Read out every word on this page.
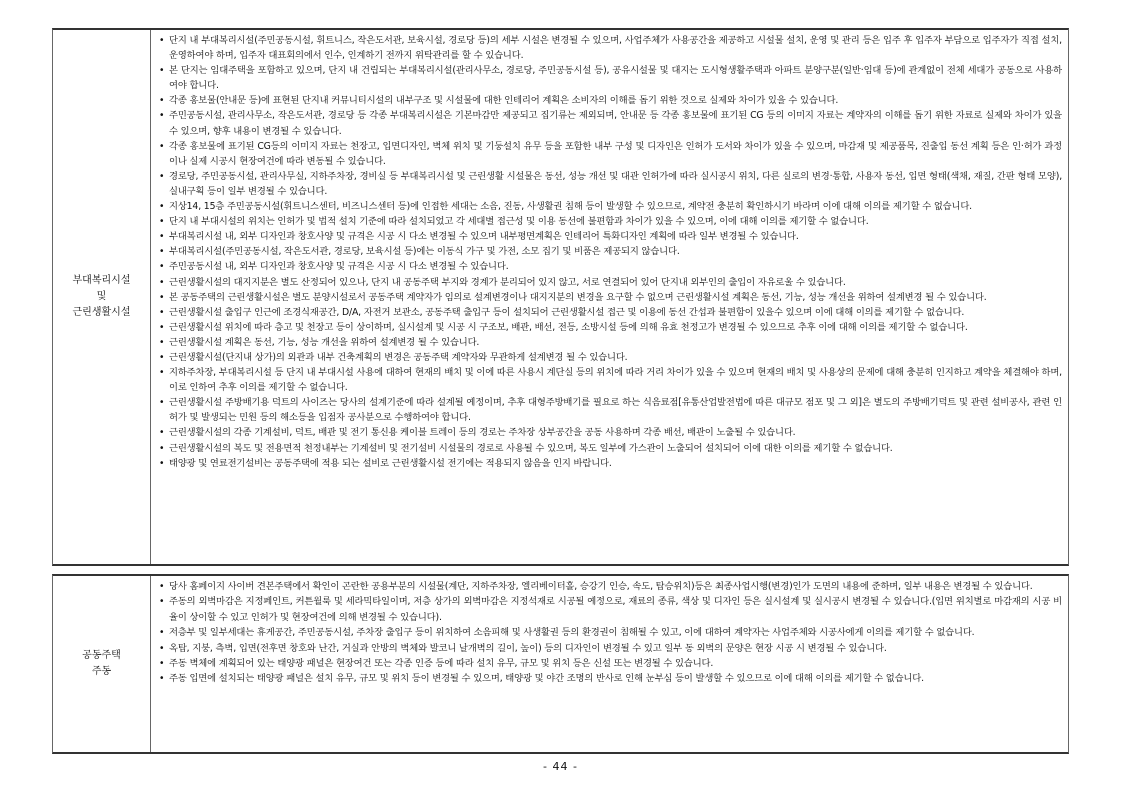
부대복리시설
및
근린생활시설
• 단지 내 부대복리시설(주민공동시설, 휘트니스, 작은도서관, 보육시설, 경로당 등)의 세부 시설은 변경될 수 있으며, 사업주체가 사용공간을 제공하고 시설물 설치, 운영 및 관리 등은 입주 후 입주자 부담으로 입주자가 직접 설치, 운영하여야 하며, 입주자 대표회의에서 인수, 인계하기 전까지 위탁관리를 할 수 있습니다.
• 본 단지는 임대주택을 포함하고 있으며, 단지 내 건립되는 부대복리시설(관리사무소, 경로당, 주민공동시설 등), 공유시설물 및 대지는 도시형생활주택과 아파트 분양구분(일반·임대 등)에 관계없이 전체 세대가 공동으로 사용하여야 합니다.
• 각종 홍보물(안내문 등)에 표현된 단지내 커뮤니티시설의 내부구조 및 시설물에 대한 인테리어 계획은 소비자의 이해를 돕기 위한 것으로 실제와 차이가 있을 수 있습니다.
• 주민공동시설, 관리사무소, 작은도서관, 경로당 등 각종 부대복리시설은 기본마감만 제공되고 집기류는 제외되며, 안내문 등 각종 홍보물에 표기된 CG 등의 이미지 자료는 계약자의 이해를 돕기 위한 자료로 실제와 차이가 있을 수 있으며, 향후 내용이 변경될 수 있습니다.
• 각종 홍보물에 표기된 CG등의 이미지 자료는 천장고, 입면디자인, 벽체 위치 및 기둥설치 유무 등을 포함한 내부 구성 및 디자인은 인허가 도서와 차이가 있을 수 있으며, 마감재 및 제공품목, 진출입 동선 계획 등은 인·허가 과정이나 실제 시공시 현장여건에 따라 변동될 수 있습니다.
• 경로당, 주민공동시설, 관리사무실, 지하주차장, 경비실 등 부대복리시설 및 근린생활 시설물은 동선, 성능 개선 및 대관 인허가에 따라 실시공시 위치, 다른 실로의 변경·통합, 사용자 동선, 입면 형태(색채, 재질, 간판 형태 모양), 실내구획 등이 일부 변경될 수 있습니다.
• 지상14, 15층 주민공동시설(휘트니스센터, 비즈니스센터 등)에 인접한 세대는 소음, 진동, 사생활권 침해 등이 발생할 수 있으므로, 계약전 충분히 확인하시기 바라며 이에 대해 이의를 제기할 수 없습니다.
• 단지 내 부대시설의 위치는 인허가 및 법적 설치 기준에 따라 설치되었고 각 세대별 접근성 및 이용 동선에 불편함과 차이가 있을 수 있으며, 이에 대해 이의를 제기할 수 없습니다.
• 부대복리시설 내, 외부 디자인과 창호사양 및 규격은 시공 시 다소 변경될 수 있으며 내부평면계획은 인테리어 특화디자인 계획에 따라 일부 변경될 수 있습니다.
• 부대복리시설(주민공동시설, 작은도서관, 경로당, 보육시설 등)에는 이동식 가구 및 가전, 소모 집기 및 비품은 제공되지 않습니다.
• 주민공동시설 내, 외부 디자인과 창호사양 및 규격은 시공 시 다소 변경될 수 있습니다.
• 근린생활시설의 대지지분은 별도 산정되어 있으나, 단지 내 공동주택 부지와 경계가 분리되어 있지 않고, 서로 연결되어 있어 단지내 외부인의 출입이 자유로울 수 있습니다.
• 본 공동주택의 근린생활시설은 별도 분양시설로서 공동주택 계약자가 임의로 설계변경이나 대지지분의 변경을 요구할 수 없으며 근린생활시설 계획은 동선, 기능, 성능 개선을 위하여 설계변경 될 수 있습니다.
• 근린생활시설 출입구 인근에 조경식재공간, D/A, 자전거 보관소, 공동주택 출입구 등이 설치되어 근린생활시설 접근 및 이용에 동선 간섭과 불편함이 있을수 있으며 이에 대해 이의를 제기할 수 없습니다.
• 근린생활시설 위치에 따라 층고 및 천장고 등이 상이하며, 실시설계 및 시공 시 구조보, 배관, 배선, 전등, 소방시설 등에 의해 유효 천정고가 변경될 수 있으므로 추후 이에 대해 이의를 제기할 수 없습니다.
• 근린생활시설 계획은 동선, 기능, 성능 개선을 위하여 설계변경 될 수 있습니다.
• 근린생활시설(단지내 상가)의 외관과 내부 건축계획의 변경은 공동주택 계약자와 무관하게 설계변경 될 수 있습니다.
• 지하주차장, 부대복리시설 등 단지 내 부대시설 사용에 대하여 현재의 배치 및 이에 따른 사용시 계단실 등의 위치에 따라 거리 차이가 있을 수 있으며 현재의 배치 및 사용상의 문제에 대해 충분히 인지하고 계약을 체결해야 하며, 이로 인하여 추후 이의를 제기할 수 없습니다.
• 근린생활시설 주방배기용 덕트의 사이즈는 당사의 설계기준에 따라 설계될 예정이며, 추후 대형주방배기를 필요로 하는 식음료점[유통산업발전법에 따른 대규모 점포 및 그 외]은 별도의 주방배기덕트 및 관련 설비공사, 관련 인허가 및 발생되는 민원 등의 해소등을 입점자 공사분으로 수행하여야 합니다.
• 근린생활시설의 각종 기계설비, 덕트, 배관 및 전기 통신용 케이블 트레이 등의 경로는 주차장 상부공간을 공동 사용하며 각종 배선, 배관이 노출될 수 있습니다.
• 근린생활시설의 복도 및 전용면적 천정내부는 기계설비 및 전기설비 시설물의 경로로 사용될 수 있으며, 복도 일부에 가스관이 노출되어 설치되어 이에 대한 이의를 제기할 수 없습니다.
• 태양광 및 연료전기설비는 공동주택에 적용 되는 설비로 근린생활시설 전기에는 적용되지 않음을 인지 바랍니다.
공동주택
주동
• 당사 홈페이지 사이버 견본주택에서 확인이 곤란한 공용부분의 시설물(계단, 지하주차장, 엘리베이터홀, 승강기 인승, 속도, 탑승위치)등은 최종사업시행(변경)인가 도면의 내용에 준하며, 일부 내용은 변경될 수 있습니다.
• 주동의 외벽마감은 지정페인트, 커튼월룩 및 세라믹타일이며, 저층 상가의 외벽마감은 지정석재로 시공될 예정으로, 재료의 종류, 색상 및 디자인 등은 실시설계 및 실시공시 변경될 수 있습니다.(입면 위치별로 마감재의 시공 비율이 상이할 수 있고 인허가 및 현장여건에 의해 변경될 수 있습니다).
• 저층부 및 일부세대는 휴게공간, 주민공동시설, 주차장 출입구 등이 위치하여 소음피해 및 사생활권 등의 환경권이 침해될 수 있고, 이에 대하여 계약자는 사업주체와 시공사에게 이의를 제기할 수 없습니다.
• 옥탑, 지붕, 측벽, 입면(전후면 창호와 난간, 거실과 안방의 벽체와 발코니 날개벽의 길이, 높이) 등의 디자인이 변경될 수 있고 일부 동 외벽의 문양은 현장 시공 시 변경될 수 있습니다.
• 주동 벽체에 계획되어 있는 태양광 패널은 현장여건 또는 각종 인증 등에 따라 설치 유무, 규모 및 위치 등은 신설 또는 변경될 수 있습니다.
• 주동 입면에 설치되는 태양광 패널은 설치 유무, 규모 및 위치 등이 변경될 수 있으며, 태양광 및 야간 조명의 반사로 인해 눈부심 등이 발생할 수 있으므로 이에 대해 이의를 제기할 수 없습니다.
- 44 -
